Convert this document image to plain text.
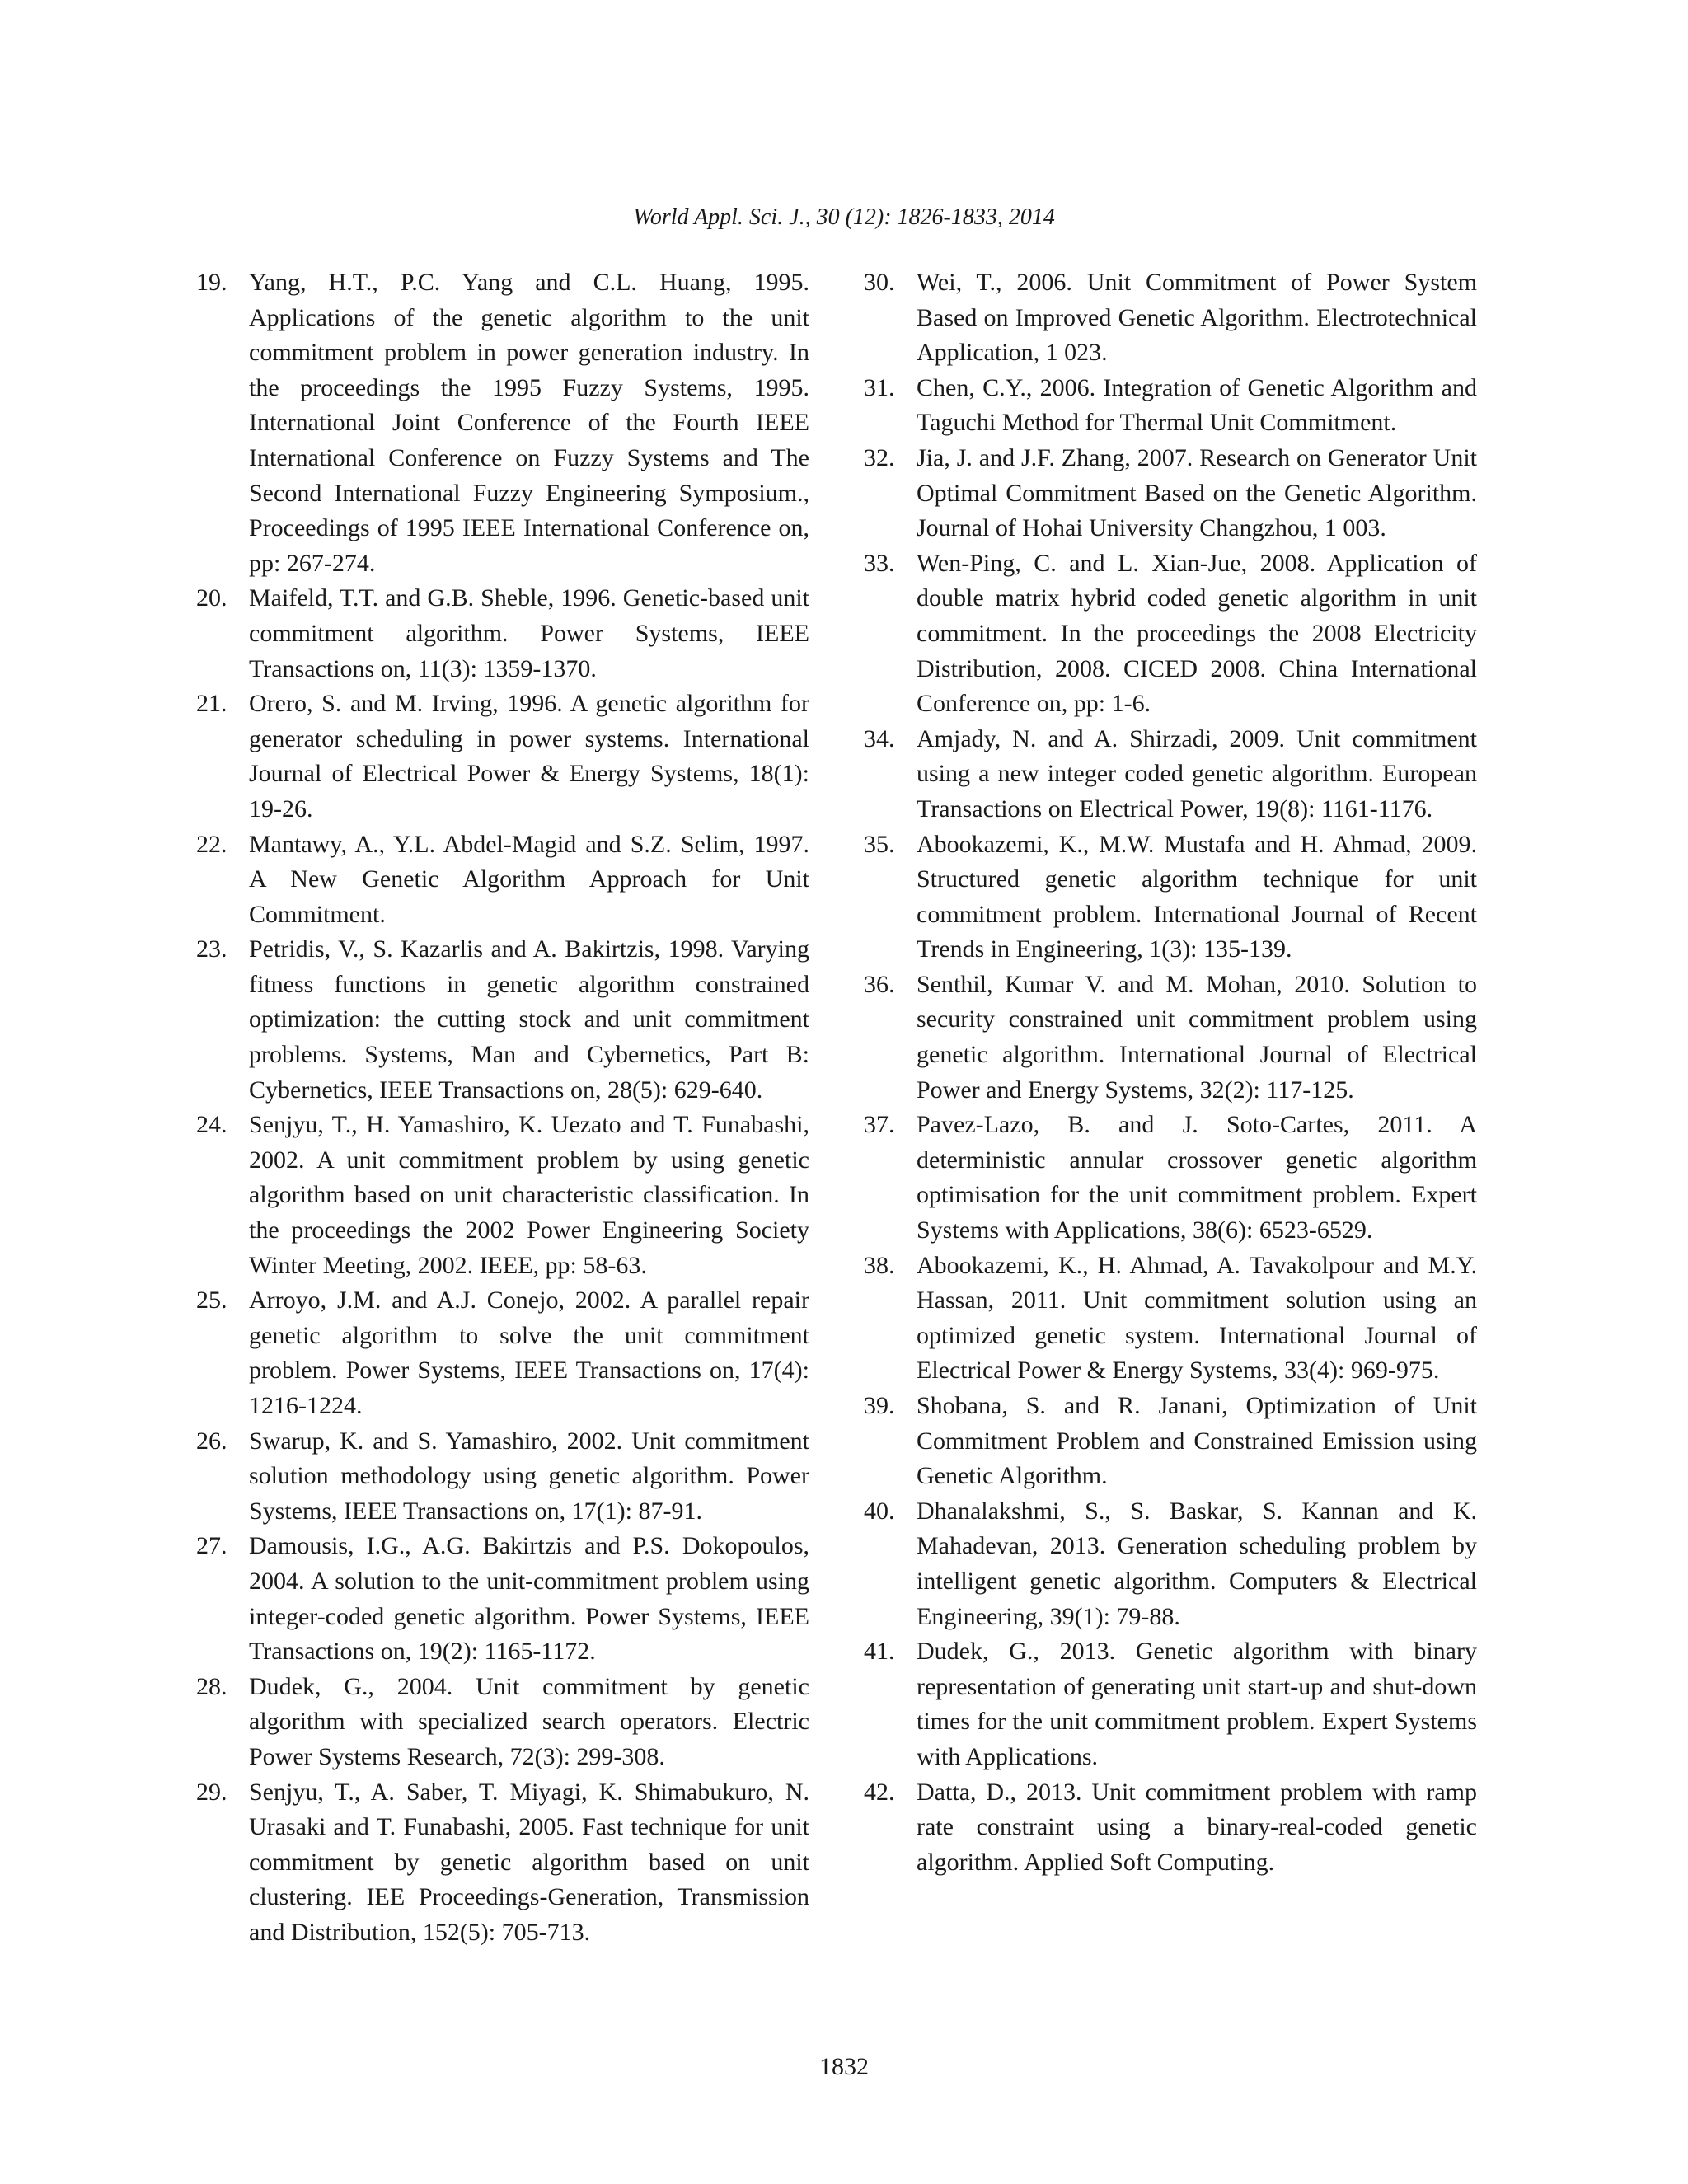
World Appl. Sci. J., 30 (12): 1826-1833, 2014
19. Yang, H.T., P.C. Yang and C.L. Huang, 1995. Applications of the genetic algorithm to the unit commitment problem in power generation industry. In the proceedings the 1995 Fuzzy Systems, 1995. International Joint Conference of the Fourth IEEE International Conference on Fuzzy Systems and The Second International Fuzzy Engineering Symposium., Proceedings of 1995 IEEE International Conference on, pp: 267-274.
20. Maifeld, T.T. and G.B. Sheble, 1996. Genetic-based unit commitment algorithm. Power Systems, IEEE Transactions on, 11(3): 1359-1370.
21. Orero, S. and M. Irving, 1996. A genetic algorithm for generator scheduling in power systems. International Journal of Electrical Power & Energy Systems, 18(1): 19-26.
22. Mantawy, A., Y.L. Abdel-Magid and S.Z. Selim, 1997. A New Genetic Algorithm Approach for Unit Commitment.
23. Petridis, V., S. Kazarlis and A. Bakirtzis, 1998. Varying fitness functions in genetic algorithm constrained optimization: the cutting stock and unit commitment problems. Systems, Man and Cybernetics, Part B: Cybernetics, IEEE Transactions on, 28(5): 629-640.
24. Senjyu, T., H. Yamashiro, K. Uezato and T. Funabashi, 2002. A unit commitment problem by using genetic algorithm based on unit characteristic classification. In the proceedings the 2002 Power Engineering Society Winter Meeting, 2002. IEEE, pp: 58-63.
25. Arroyo, J.M. and A.J. Conejo, 2002. A parallel repair genetic algorithm to solve the unit commitment problem. Power Systems, IEEE Transactions on, 17(4): 1216-1224.
26. Swarup, K. and S. Yamashiro, 2002. Unit commitment solution methodology using genetic algorithm. Power Systems, IEEE Transactions on, 17(1): 87-91.
27. Damousis, I.G., A.G. Bakirtzis and P.S. Dokopoulos, 2004. A solution to the unit-commitment problem using integer-coded genetic algorithm. Power Systems, IEEE Transactions on, 19(2): 1165-1172.
28. Dudek, G., 2004. Unit commitment by genetic algorithm with specialized search operators. Electric Power Systems Research, 72(3): 299-308.
29. Senjyu, T., A. Saber, T. Miyagi, K. Shimabukuro, N. Urasaki and T. Funabashi, 2005. Fast technique for unit commitment by genetic algorithm based on unit clustering. IEE Proceedings-Generation, Transmission and Distribution, 152(5): 705-713.
30. Wei, T., 2006. Unit Commitment of Power System Based on Improved Genetic Algorithm. Electrotechnical Application, 1 023.
31. Chen, C.Y., 2006. Integration of Genetic Algorithm and Taguchi Method for Thermal Unit Commitment.
32. Jia, J. and J.F. Zhang, 2007. Research on Generator Unit Optimal Commitment Based on the Genetic Algorithm. Journal of Hohai University Changzhou, 1 003.
33. Wen-Ping, C. and L. Xian-Jue, 2008. Application of double matrix hybrid coded genetic algorithm in unit commitment. In the proceedings the 2008 Electricity Distribution, 2008. CICED 2008. China International Conference on, pp: 1-6.
34. Amjady, N. and A. Shirzadi, 2009. Unit commitment using a new integer coded genetic algorithm. European Transactions on Electrical Power, 19(8): 1161-1176.
35. Abookazemi, K., M.W. Mustafa and H. Ahmad, 2009. Structured genetic algorithm technique for unit commitment problem. International Journal of Recent Trends in Engineering, 1(3): 135-139.
36. Senthil, Kumar V. and M. Mohan, 2010. Solution to security constrained unit commitment problem using genetic algorithm. International Journal of Electrical Power and Energy Systems, 32(2): 117-125.
37. Pavez-Lazo, B. and J. Soto-Cartes, 2011. A deterministic annular crossover genetic algorithm optimisation for the unit commitment problem. Expert Systems with Applications, 38(6): 6523-6529.
38. Abookazemi, K., H. Ahmad, A. Tavakolpour and M.Y. Hassan, 2011. Unit commitment solution using an optimized genetic system. International Journal of Electrical Power & Energy Systems, 33(4): 969-975.
39. Shobana, S. and R. Janani, Optimization of Unit Commitment Problem and Constrained Emission using Genetic Algorithm.
40. Dhanalakshmi, S., S. Baskar, S. Kannan and K. Mahadevan, 2013. Generation scheduling problem by intelligent genetic algorithm. Computers & Electrical Engineering, 39(1): 79-88.
41. Dudek, G., 2013. Genetic algorithm with binary representation of generating unit start-up and shut-down times for the unit commitment problem. Expert Systems with Applications.
42. Datta, D., 2013. Unit commitment problem with ramp rate constraint using a binary-real-coded genetic algorithm. Applied Soft Computing.
1832
